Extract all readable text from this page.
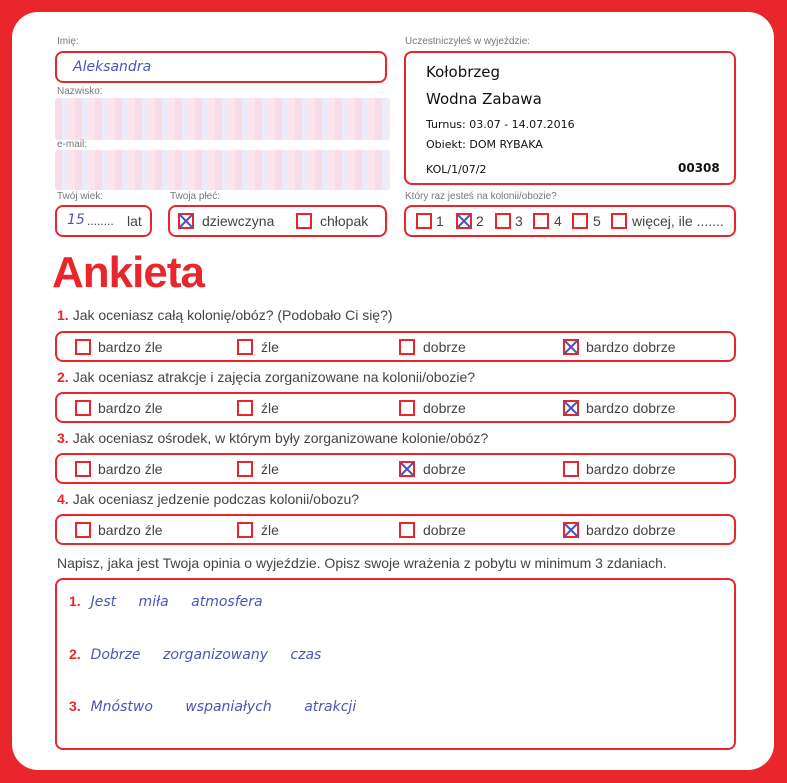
Imię:
Aleksandra
Nazwisko:
e-mail:
Twój wiek:
15 ........ lat
Twoja płeć:
dziewczyna	chłopak
Uczestniczyłeś w wyjeździe:
Kołobrzeg
Wodna Zabawa
Turnus: 03.07 - 14.07.2016
Obiekt: DOM RYBAKA
KOL/1/07/2	00308
Który raz jesteś na kolonii/obozie?
1 2 3 4 5 więcej, ile .......
Ankieta
1. Jak oceniasz całą kolonię/obóz? (Podobało Ci się?)
bardzo źle	źle	dobrze	bardzo dobrze
2. Jak oceniasz atrakcje i zajęcia zorganizowane na kolonii/obozie?
bardzo źle	źle	dobrze	bardzo dobrze
3. Jak oceniasz ośrodek, w którym były zorganizowane kolonie/obóz?
bardzo źle	źle	dobrze	bardzo dobrze
4. Jak oceniasz jedzenie podczas kolonii/obozu?
bardzo źle	źle	dobrze	bardzo dobrze
Napisz, jaka jest Twoja opinia o wyjeździe. Opisz swoje wrażenia z pobytu w minimum 3 zdaniach.
1. Jest miła atmosfera
2. Dobrze zorganizowany czas
3. Mnóstwo wspaniałych atrakcji
